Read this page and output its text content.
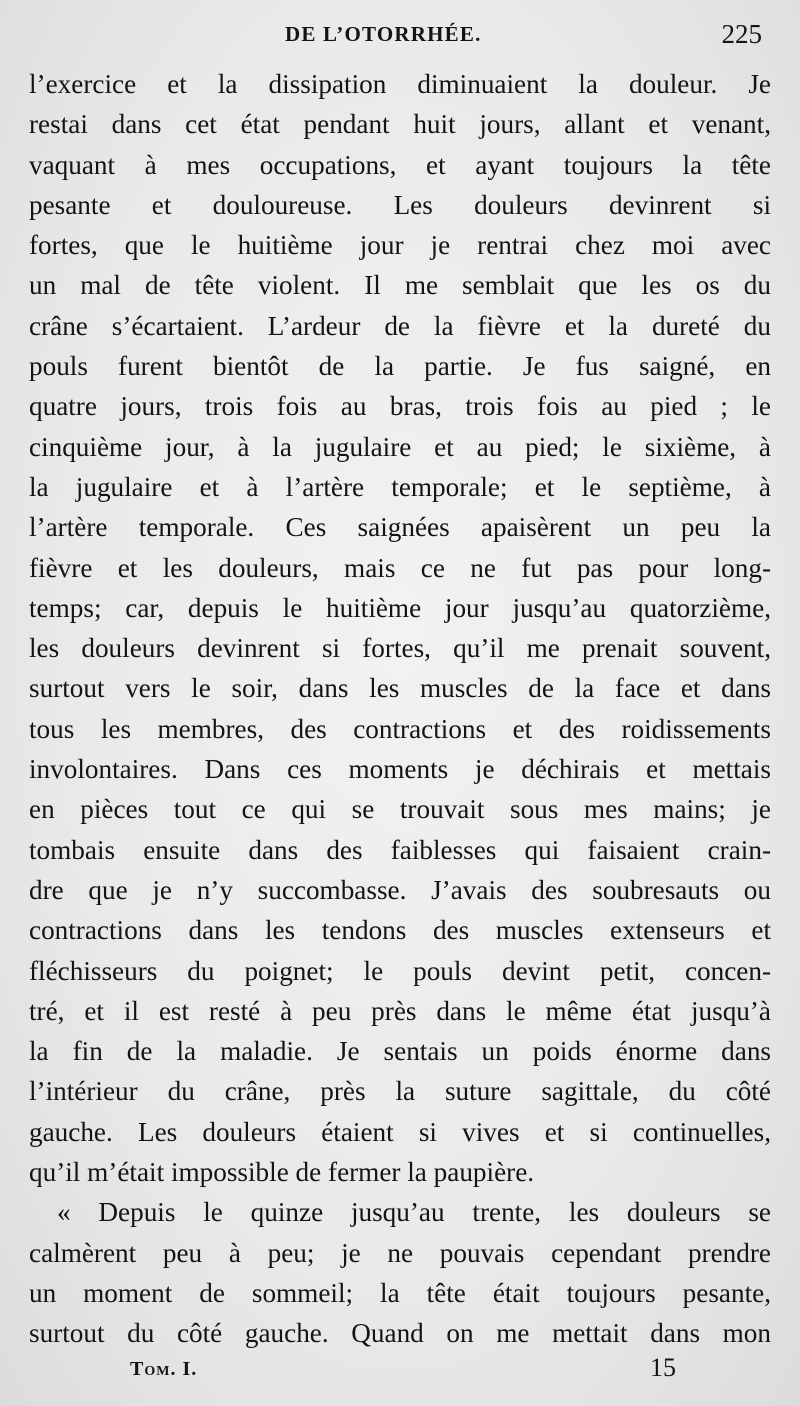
DE L’OTORRHÉE.	225
l’exercice et la dissipation diminuaient la douleur. Je
restai dans cet état pendant huit jours, allant et venant,
vaquant à mes occupations, et ayant toujours la tête
pesante et douloureuse. Les douleurs devinrent si
fortes, que le huitième jour je rentrai chez moi avec
un mal de tête violent. Il me semblait que les os du
crâne s’écartaient. L’ardeur de la fièvre et la dureté du
pouls furent bientôt de la partie. Je fus saigné, en
quatre jours, trois fois au bras, trois fois au pied ; le
cinquième jour, à la jugulaire et au pied; le sixième, à
la jugulaire et à l’artère temporale; et le septième, à
l’artère temporale. Ces saignées apaisèrent un peu la
fièvre et les douleurs, mais ce ne fut pas pour long-
temps; car, depuis le huitième jour jusqu’au quatorzième,
les douleurs devinrent si fortes, qu’il me prenait souvent,
surtout vers le soir, dans les muscles de la face et dans
tous les membres, des contractions et des roidissements
involontaires. Dans ces moments je déchirais et mettais
en pièces tout ce qui se trouvait sous mes mains; je
tombais ensuite dans des faiblesses qui faisaient crain-
dre que je n’y succombasse. J’avais des soubresauts ou
contractions dans les tendons des muscles extenseurs et
fléchisseurs du poignet; le pouls devint petit, concen-
tré, et il est resté à peu près dans le même état jusqu’à
la fin de la maladie. Je sentais un poids énorme dans
l’intérieur du crâne, près la suture sagittale, du côté
gauche. Les douleurs étaient si vives et si continuelles,
qu’il m’était impossible de fermer la paupière.
« Depuis le quinze jusqu’au trente, les douleurs se
calmèrent peu à peu; je ne pouvais cependant prendre
un moment de sommeil; la tête était toujours pesante,
surtout du côté gauche. Quand on me mettait dans mon
Tom. I.	15
